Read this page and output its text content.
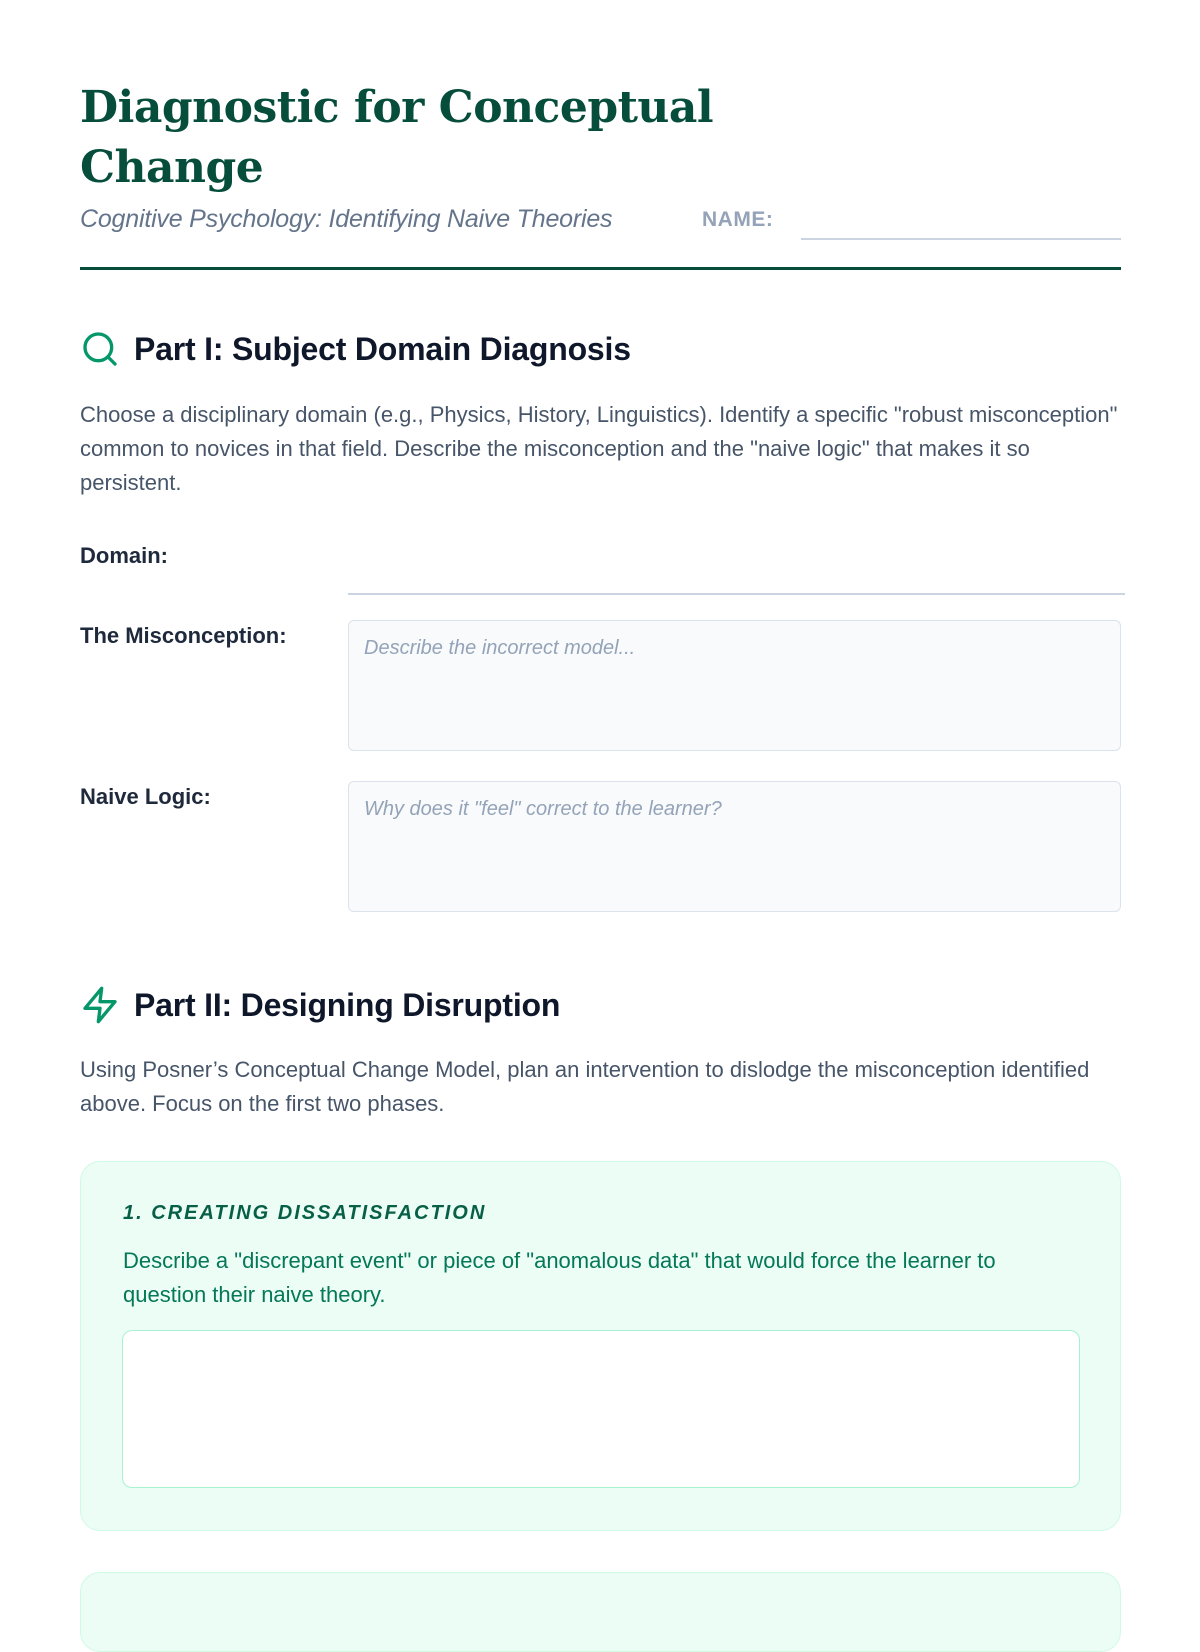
Diagnostic for Conceptual Change
Cognitive Psychology: Identifying Naive Theories	NAME:
Part I: Subject Domain Diagnosis

Choose a disciplinary domain (e.g., Physics, History, Linguistics). Identify a specific "robust misconception" common to novices in that field. Describe the misconception and the "naive logic" that makes it so persistent.

Domain:
The Misconception:
Describe the incorrect model...
Naive Logic:
Why does it "feel" correct to the learner?
Part II: Designing Disruption

Using Posner’s Conceptual Change Model, plan an intervention to dislodge the misconception identified above. Focus on the first two phases.

1. CREATING DISSATISFACTION

Describe a "discrepant event" or piece of "anomalous data" that would force the learner to question their naive theory.
